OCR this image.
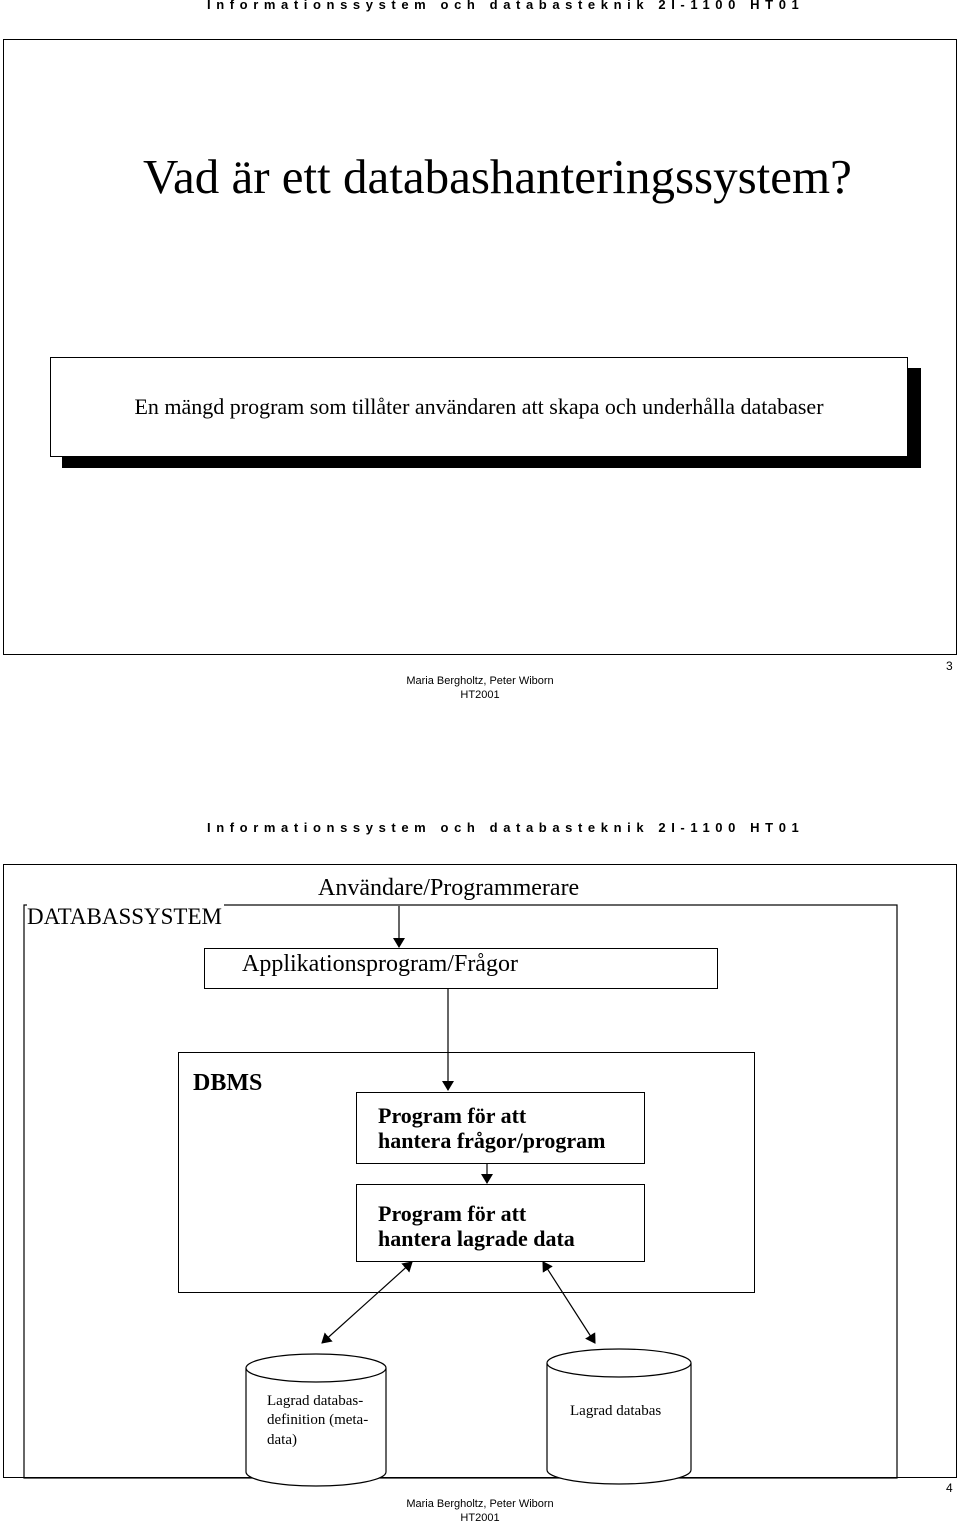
Informationssystem och databasteknik 2I-1100 HT01
Vad är ett databashanteringssystem?
En mängd program som tillåter användaren att skapa och underhålla databaser
Maria Bergholtz, Peter Wiborn
HT2001
3
Informationssystem och databasteknik 2I-1100 HT01
DATABASSYSTEM
Användare/Programmerare
Applikationsprogram/Frågor
DBMS
Program för att
hantera frågor/program
Program för att
hantera lagrade data
Lagrad databas-
definition (meta-
data)
Lagrad databas
Maria Bergholtz, Peter Wiborn
HT2001
4
